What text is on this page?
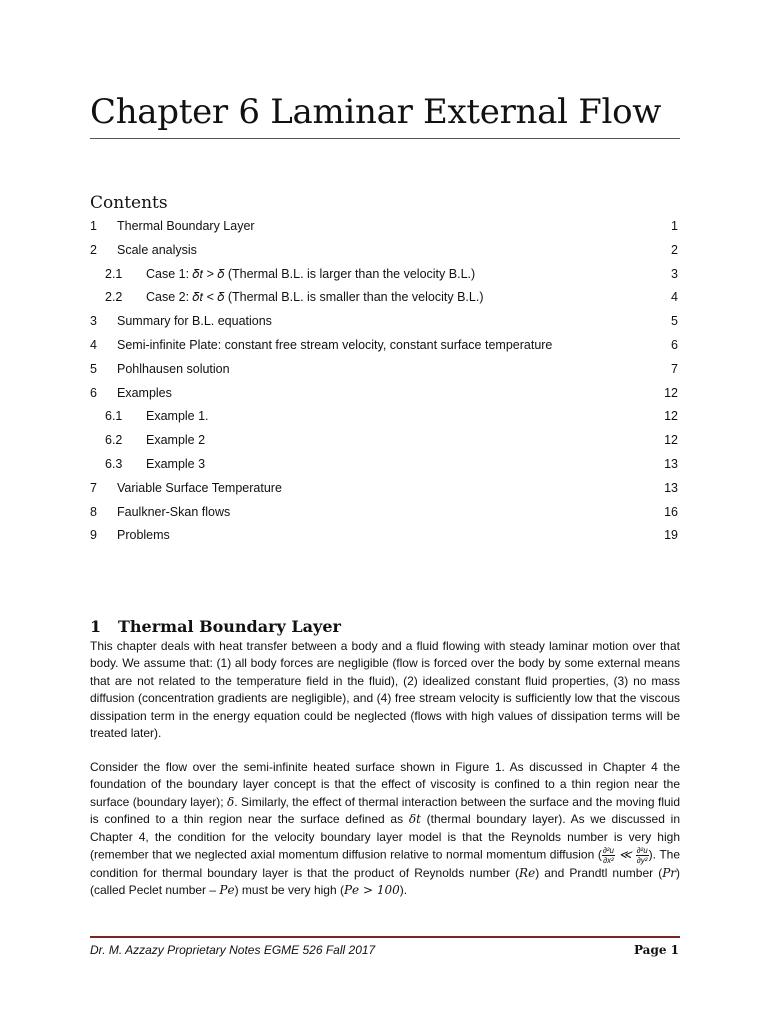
Chapter 6 Laminar External Flow
Contents
1 Thermal Boundary Layer	1
2 Scale analysis	2
2.1 Case 1: 𝛿𝑡 > 𝛿 (Thermal B.L. is larger than the velocity B.L.)	3
2.2 Case 2: 𝛿𝑡 < 𝛿 (Thermal B.L. is smaller than the velocity B.L.)	4
3 Summary for B.L. equations	5
4 Semi-infinite Plate: constant free stream velocity, constant surface temperature	6
5 Pohlhausen solution	7
6 Examples	12
6.1 Example 1.	12
6.2 Example 2	12
6.3 Example 3	13
7 Variable Surface Temperature	13
8 Faulkner-Skan flows	16
9 Problems	19
1 Thermal Boundary Layer

This chapter deals with heat transfer between a body and a fluid flowing with steady laminar motion over that body. We assume that: (1) all body forces are negligible (flow is forced over the body by some external means that are not related to the temperature field in the fluid), (2) idealized constant fluid properties, (3) no mass diffusion (concentration gradients are negligible), and (4) free stream velocity is sufficiently low that the viscous dissipation term in the energy equation could be neglected (flows with high values of dissipation terms will be treated later).

Consider the flow over the semi-infinite heated surface shown in Figure 1. As discussed in Chapter 4 the foundation of the boundary layer concept is that the effect of viscosity is confined to a thin region near the surface (boundary layer); 𝛿. Similarly, the effect of thermal interaction between the surface and the moving fluid is confined to a thin region near the surface defined as 𝛿𝑡 (thermal boundary layer). As we discussed in Chapter 4, the condition for the velocity boundary layer model is that the Reynolds number is very high (remember that we neglected axial momentum diffusion relative to normal momentum diffusion ( $\frac{\text{∂²u}}{\text{∂x²}}$ ≪ $\frac{\text{∂²u}}{\text{∂y²}}$ ). The condition for thermal boundary layer is that the product of Reynolds number (𝑅𝑒) and Prandtl number (𝑃𝑟) (called Peclet number – 𝑃𝑒) must be very high (𝑃𝑒 > 100).

Dr. M. Azzazy Proprietary Notes EGME 526 Fall 2017	Page 1
